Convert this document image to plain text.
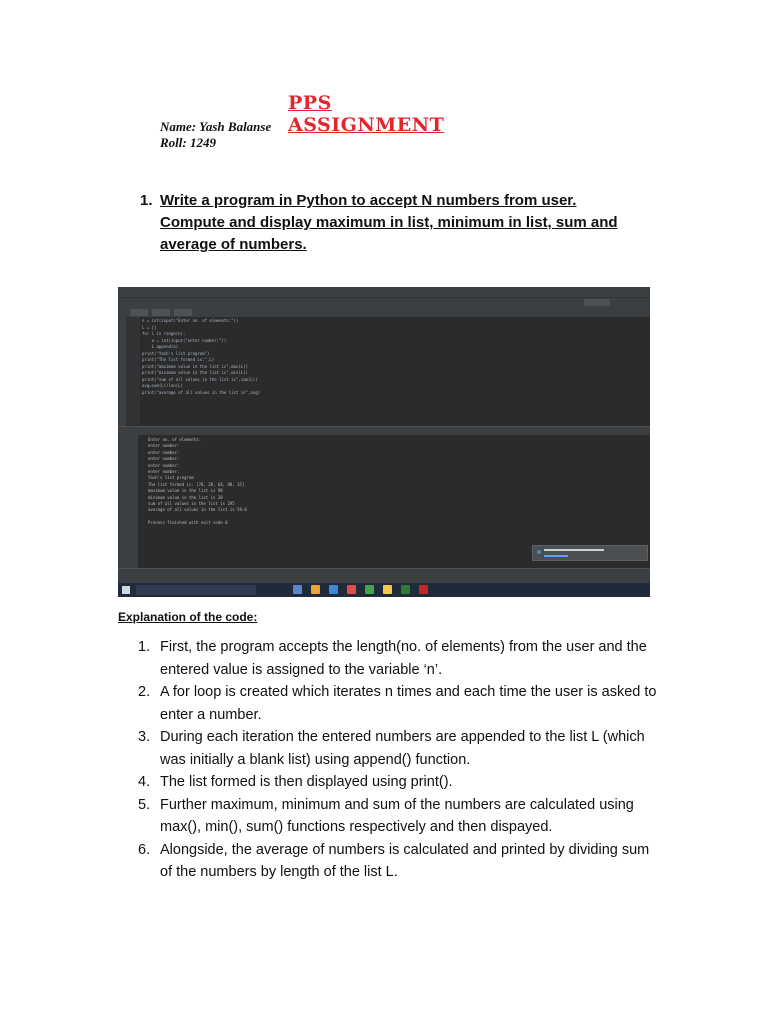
PPS ASSIGNMENT
Name: Yash Balanse
Roll: 1249
1. Write a program in Python to accept N numbers from user. Compute and display maximum in list, minimum in list, sum and average of numbers.
n = int(input("Enter no. of elements:"))
L = []
for i in range(n):
a = int(input("enter number:"))
L.append(a)
print("Yash's list program")
print("The list formed is:",L)
print("maximum value in the list is",max(L))
print("minimum value in the list is",min(L))
print("sum of all values in the list is",sum(L))
avg=sum(L)/len(L)
print("average of all values in the list is",avg)
Enter no. of elements:
enter number:
enter number:
enter number:
enter number:
enter number:
Yash's list program
The list formed is: [78, 28, 64, 98, 35]
maximum value in the list is 98
minimum value in the list is 28
sum of all values in the list is 295
average of all values in the list is 59.0

Process finished with exit code 0
Explanation of the code:
1. First, the program accepts the length(no. of elements) from the user and the entered value is assigned to the variable ‘n’.
2. A for loop is created which iterates n times and each time the user is asked to enter a number.
3. During each iteration the entered numbers are appended to the list L (which was initially a blank list) using append() function.
4. The list formed is then displayed using print().
5. Further maximum, minimum and sum of the numbers are calculated using max(), min(), sum() functions respectively and then dispayed.
6. Alongside, the average of numbers is calculated and printed by dividing sum of the numbers by length of the list L.
